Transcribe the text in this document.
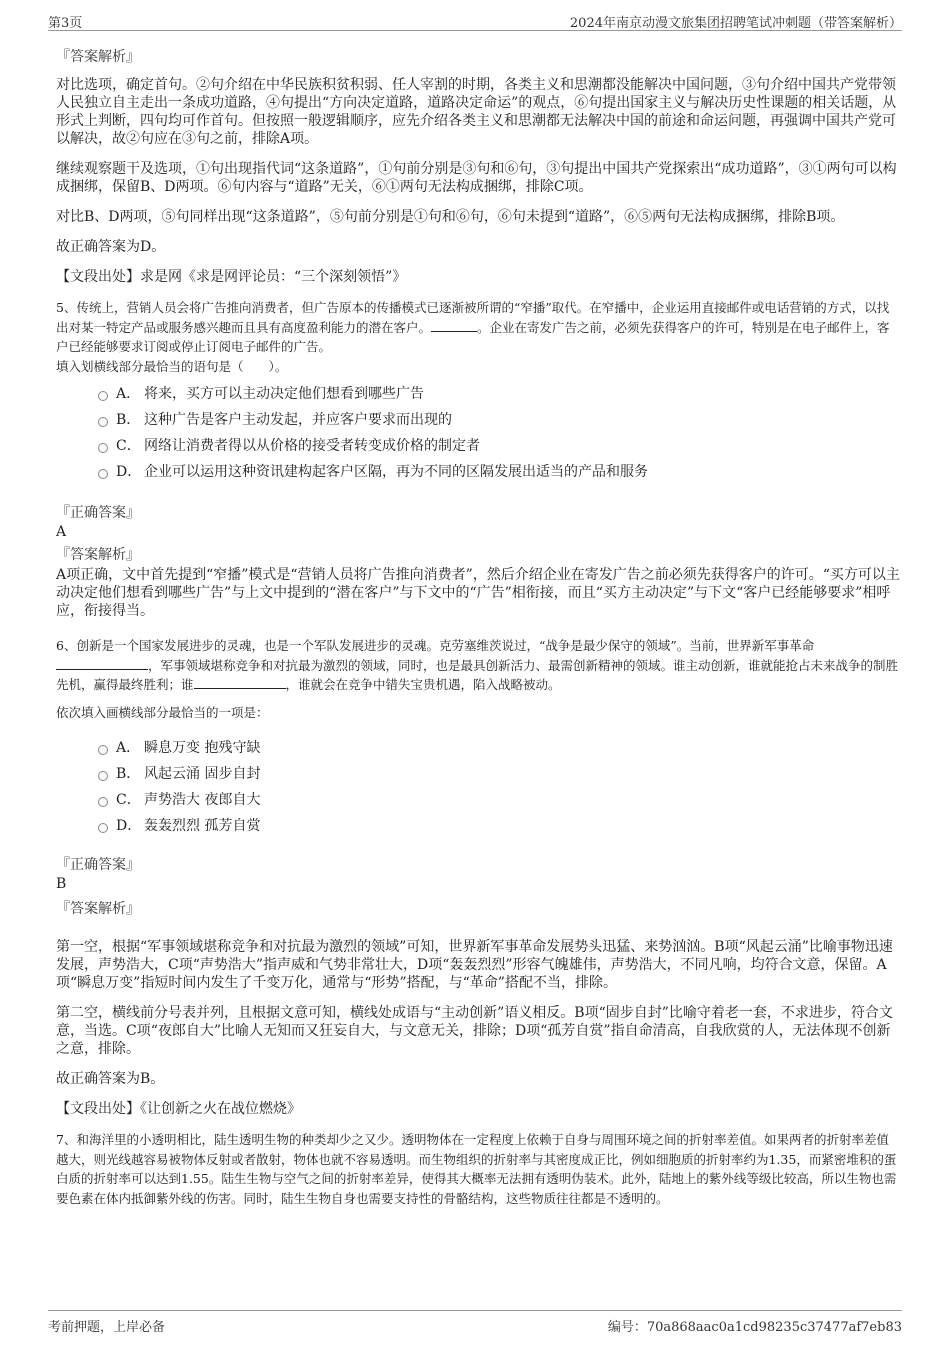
第3页	2024年南京动漫文旅集团招聘笔试冲刺题（带答案解析）
『答案解析』

对比选项，确定首句。②句介绍在中华民族积贫积弱、任人宰割的时期，各类主义和思潮都没能解决中国问题，③句介绍中国共产党带领人民独立自主走出一条成功道路，④句提出“方向决定道路，道路决定命运”的观点，⑥句提出国家主义与解决历史性课题的相关话题，从形式上判断，四句均可作首句。但按照一般逻辑顺序，应先介绍各类主义和思潮都无法解决中国的前途和命运问题，再强调中国共产党可以解决，故②句应在③句之前，排除A项。

继续观察题干及选项，①句出现指代词“这条道路”，①句前分别是③句和⑥句，③句提出中国共产党探索出“成功道路”，③①两句可以构成捆绑，保留B、D两项。⑥句内容与“道路”无关，⑥①两句无法构成捆绑，排除C项。

对比B、D两项，⑤句同样出现“这条道路”，⑤句前分别是①句和⑥句，⑥句未提到“道路”，⑥⑤两句无法构成捆绑，排除B项。

故正确答案为D。

【文段出处】求是网《求是网评论员：“三个深刻领悟”》

5、传统上，营销人员会将广告推向消费者，但广告原本的传播模式已逐渐被所谓的“窄播”取代。在窄播中，企业运用直接邮件或电话营销的方式，以找出对某一特定产品或服务感兴趣而且具有高度盈利能力的潜在客户。	。企业在寄发广告之前，必须先获得客户的许可，特别是在电子邮件上，客户已经能够要求订阅或停止订阅电子邮件的广告。

填入划横线部分最恰当的语句是（　　）。

A． 将来，买方可以主动决定他们想看到哪些广告
B． 这种广告是客户主动发起，并应客户要求而出现的
C． 网络让消费者得以从价格的接受者转变成价格的制定者
D． 企业可以运用这种资讯建构起客户区隔，再为不同的区隔发展出适当的产品和服务
『正确答案』
A
『答案解析』

A项正确，文中首先提到“窄播”模式是“营销人员将广告推向消费者”，然后介绍企业在寄发广告之前必须先获得客户的许可。“买方可以主动决定他们想看到哪些广告”与上文中提到的“潜在客户”与下文中的“广告”相衔接，而且“买方主动决定”与下文“客户已经能够要求”相呼应，衔接得当。

6、创新是一个国家发展进步的灵魂，也是一个军队发展进步的灵魂。克劳塞维茨说过，“战争是最少保守的领域”。当前，世界新军事革命，军事领域堪称竞争和对抗最为激烈的领域，同时，也是最具创新活力、最需创新精神的领域。谁主动创新，谁就能抢占未来战争的制胜先机，赢得最终胜利；谁	，谁就会在竞争中错失宝贵机遇，陷入战略被动。

依次填入画横线部分最恰当的一项是：

A． 瞬息万变 抱残守缺
B． 风起云涌 固步自封
C． 声势浩大 夜郎自大
D． 轰轰烈烈 孤芳自赏
『正确答案』
B
『答案解析』

第一空，根据“军事领域堪称竞争和对抗最为激烈的领域”可知，世界新军事革命发展势头迅猛、来势汹汹。B项“风起云涌”比喻事物迅速发展，声势浩大，C项“声势浩大”指声威和气势非常壮大，D项“轰轰烈烈”形容气魄雄伟，声势浩大，不同凡响，均符合文意，保留。A项“瞬息万变”指短时间内发生了千变万化，通常与“形势”搭配，与“革命”搭配不当，排除。

第二空，横线前分号表并列，且根据文意可知，横线处成语与“主动创新”语义相反。B项“固步自封”比喻守着老一套，不求进步，符合文意，当选。C项“夜郎自大”比喻人无知而又狂妄自大，与文意无关，排除；D项“孤芳自赏”指自命清高，自我欣赏的人，无法体现不创新之意，排除。

故正确答案为B。

【文段出处】《让创新之火在战位燃烧》

7、和海洋里的小透明相比，陆生透明生物的种类却少之又少。透明物体在一定程度上依赖于自身与周围环境之间的折射率差值。如果两者的折射率差值越大，则光线越容易被物体反射或者散射，物体也就不容易透明。而生物组织的折射率与其密度成正比，例如细胞质的折射率约为1.35，而紧密堆积的蛋白质的折射率可以达到1.55。陆生生物与空气之间的折射率差异，使得其大概率无法拥有透明伪装术。此外，陆地上的紫外线等级比较高，所以生物也需要色素在体内抵御紫外线的伤害。同时，陆生生物自身也需要支持性的骨骼结构，这些物质往往都是不透明的。

考前押题，上岸必备	编号：70a868aac0a1cd98235c37477af7eb83
